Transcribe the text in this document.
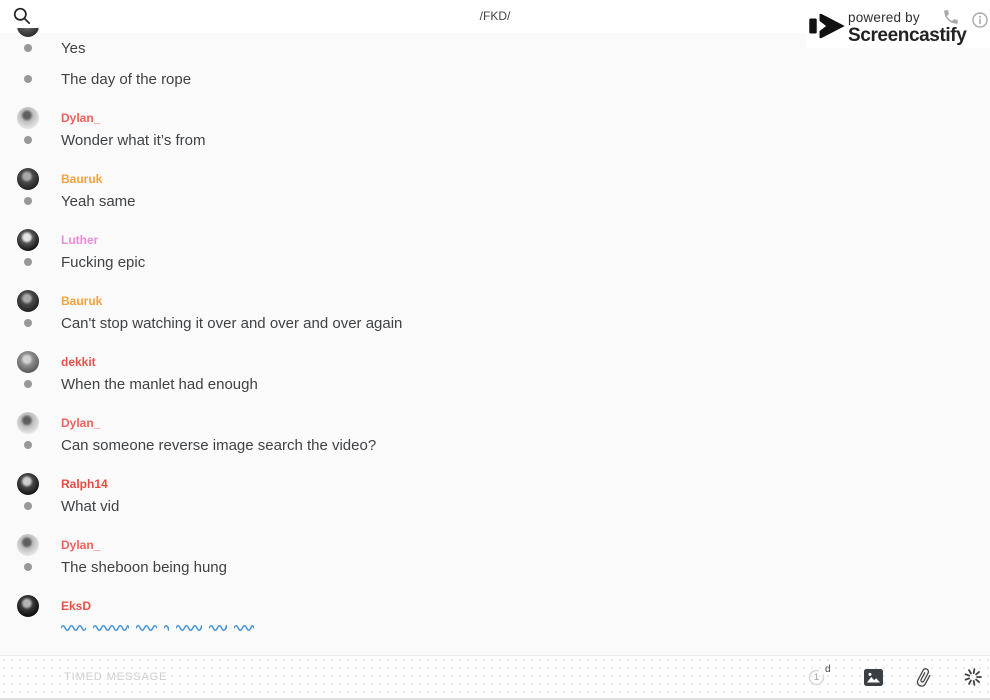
/FKD/	powered by
Screencastify
Yes
The day of the rope
Dylan_
Wonder what it’s from
Bauruk
Yeah same
Luther
Fucking epic
Bauruk
Can't stop watching it over and over and over again
dekkit
When the manlet had enough
Dylan_
Can someone reverse image search the video?
Ralph14
What vid
Dylan_
The sheboon being hung
EksD
TIMED MESSAGE
1
d
